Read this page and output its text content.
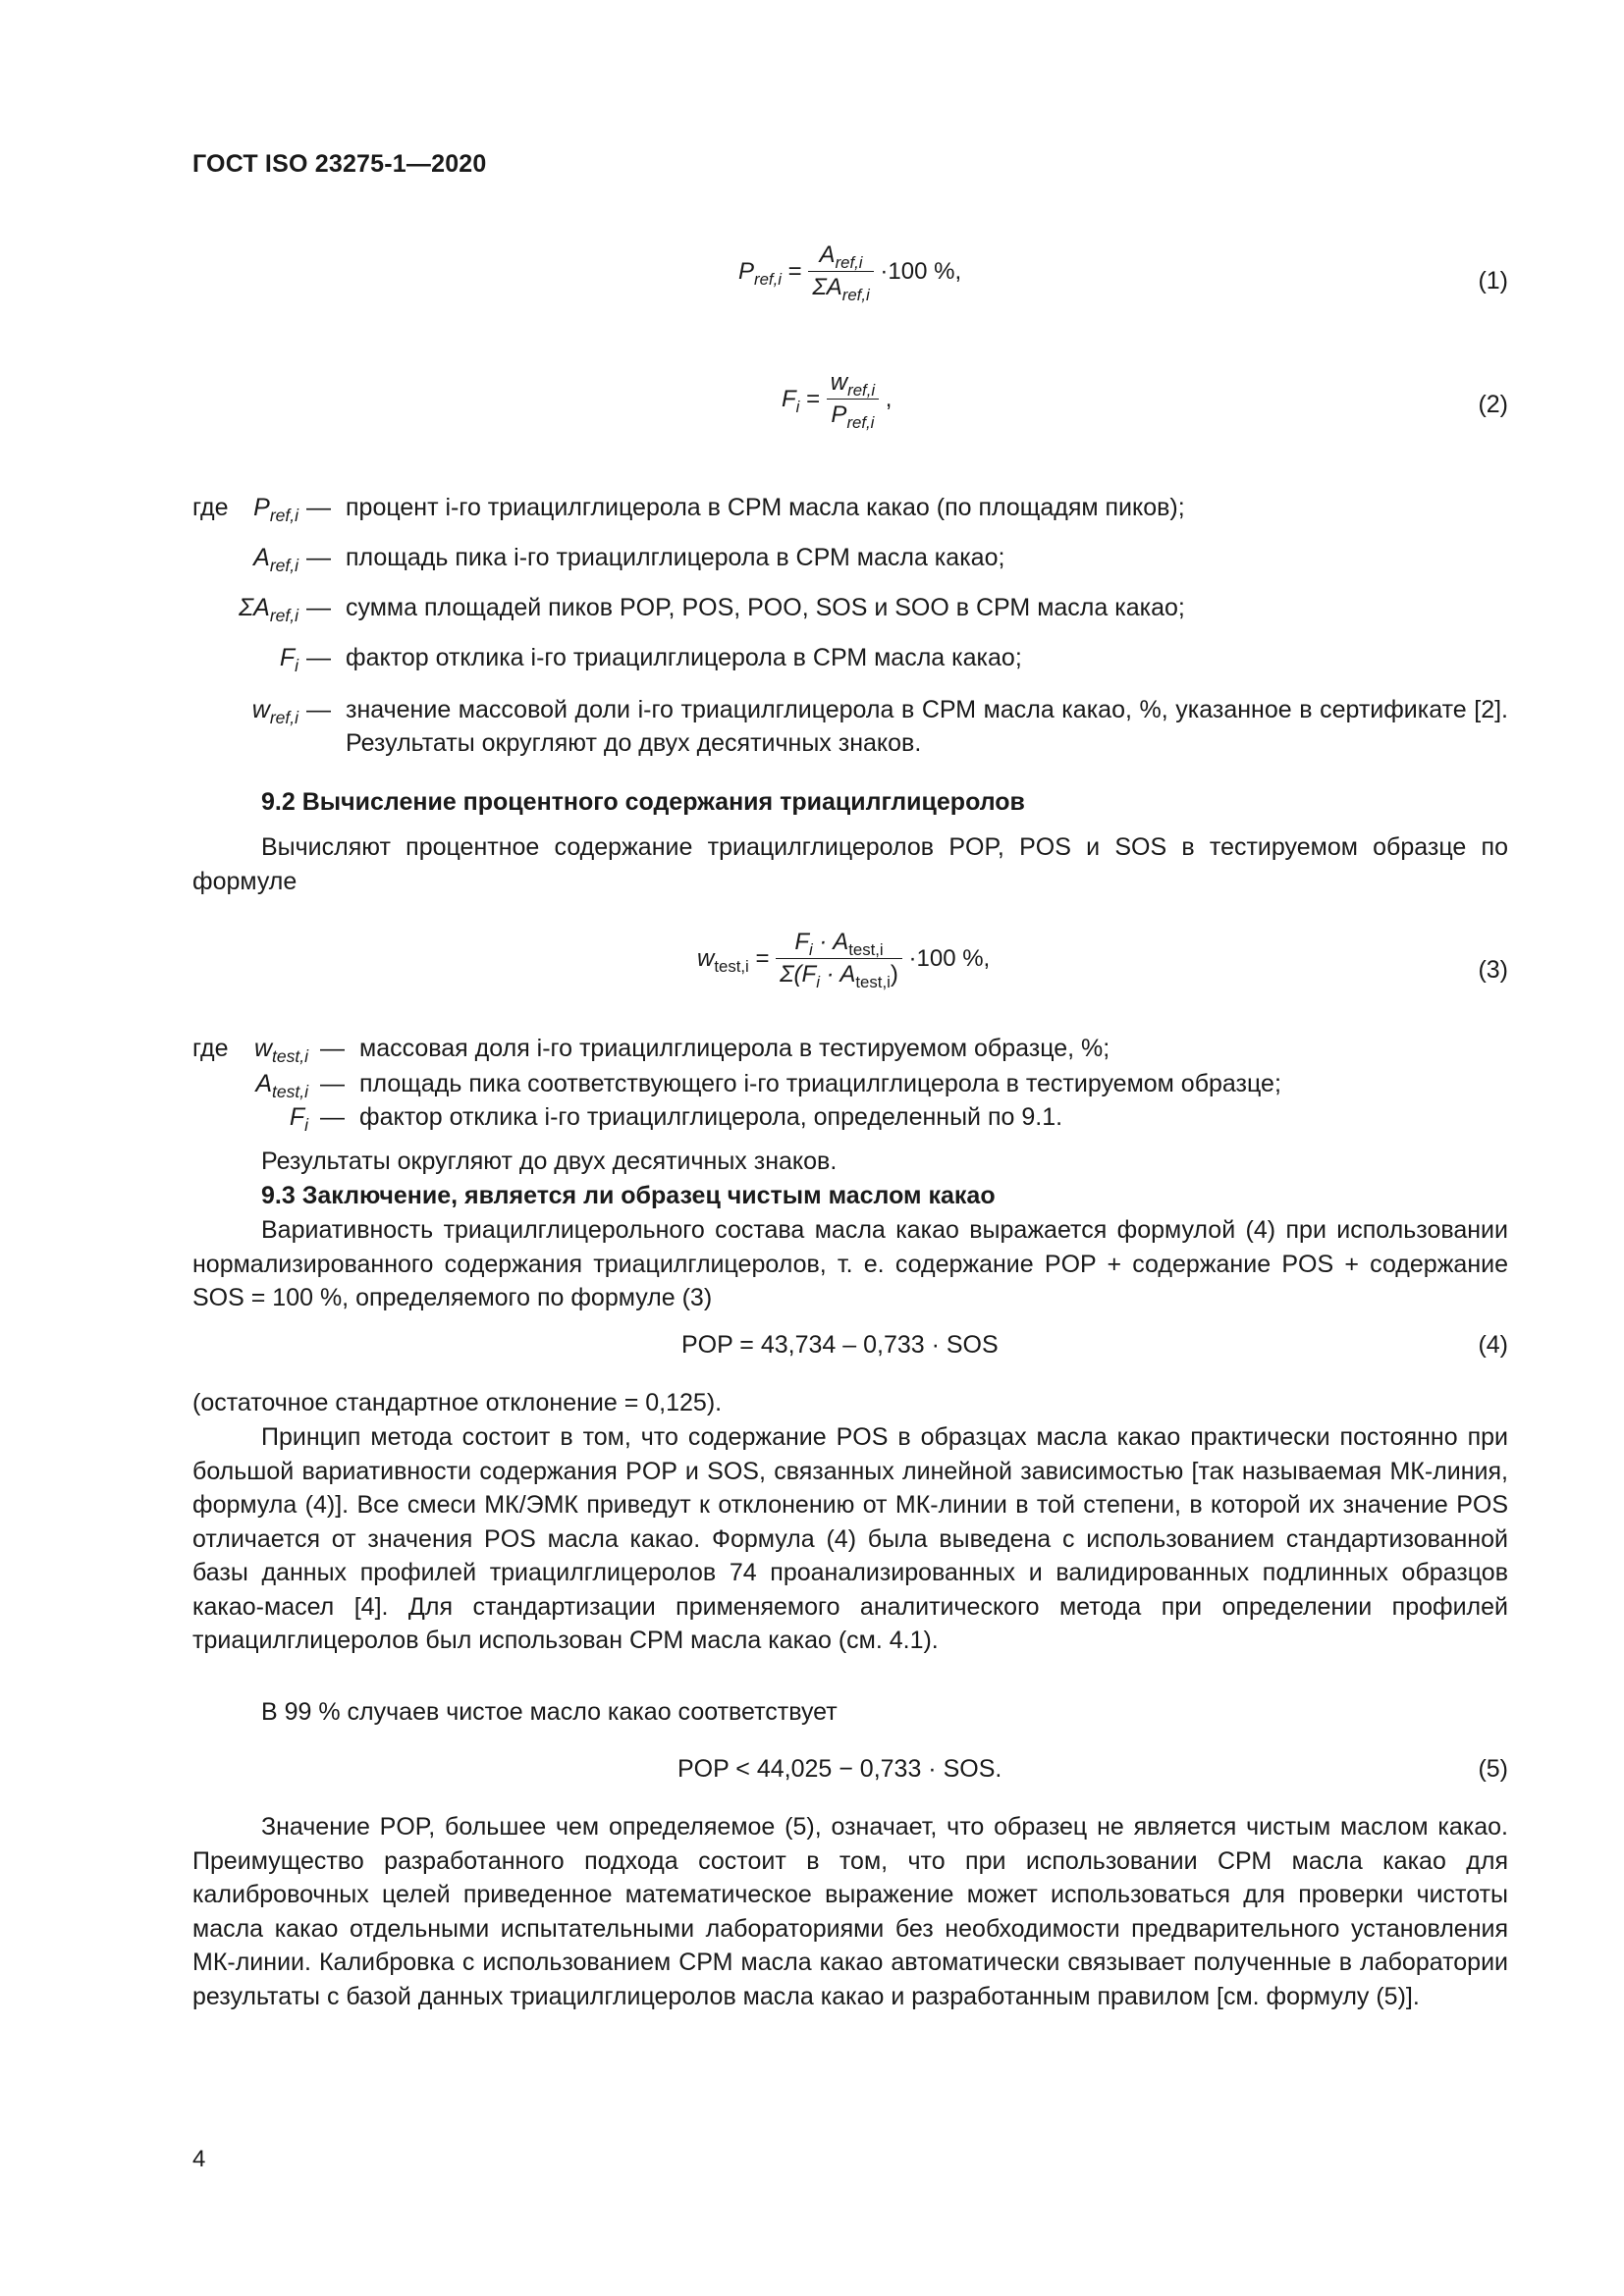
ГОСТ ISO 23275-1—2020
$P_{ref,i} = \frac{A_{ref,i}}{\Sigma A_{ref,i}} \cdot 100$ %,	(1)
$F_i = \frac{w_{ref,i}}{P_{ref,i}}$ ,	(2)
где	$P_{ref,i}$ — процент i-го триацилглицерола в СРМ масла какао (по площадям пиков);
$A_{ref,i}$ — площадь пика i-го триацилглицерола в СРМ масла какао;
$\Sigma A_{ref,i}$ — сумма площадей пиков POP, POS, POO, SOS и SOO в СРМ масла какао;
$F_i$ — фактор отклика i-го триацилглицерола в СРМ масла какао;
$w_{ref,i}$ — значение массовой доли i-го триацилглицерола в СРМ масла какао, %, указанное в сертификате [2]. Результаты округляют до двух десятичных знаков.
9.2 Вычисление процентного содержания триацилглицеролов
Вычисляют процентное содержание триацилглицеролов POP, POS и SOS в тестируемом образце по формуле
$w_{test,i} = \frac{F_i \cdot A_{test,i}}{\Sigma(F_i \cdot A_{test,i})} \cdot 100$ %,	(3)
где	$w_{test,i}$ — массовая доля i-го триацилглицерола в тестируемом образце, %;
$A_{test,i}$ — площадь пика соответствующего i-го триацилглицерола в тестируемом образце;
$F_i$ — фактор отклика i-го триацилглицерола, определенный по 9.1.
Результаты округляют до двух десятичных знаков.
9.3 Заключение, является ли образец чистым маслом какао
Вариативность триацилглицерольного состава масла какао выражается формулой (4) при использовании нормализированного содержания триацилглицеролов, т. е. содержание POP + содержание POS + содержание SOS = 100 %, определяемого по формуле (3)
POP = 43,734 – 0,733 · SOS	(4)
(остаточное стандартное отклонение = 0,125).
Принцип метода состоит в том, что содержание POS в образцах масла какао практически постоянно при большой вариативности содержания POP и SOS, связанных линейной зависимостью [так называемая МК-линия, формула (4)]. Все смеси МК/ЭМК приведут к отклонению от МК-линии в той степени, в которой их значение POS отличается от значения POS масла какао. Формула (4) была выведена с использованием стандартизованной базы данных профилей триацилглицеролов 74 проанализированных и валидированных подлинных образцов какао-масел [4]. Для стандартизации применяемого аналитического метода при определении профилей триацилглицеролов был использован СРМ масла какао (см. 4.1).
В 99 % случаев чистое масло какао соответствует
POP < 44,025 − 0,733 · SOS.	(5)
Значение POP, большее чем определяемое (5), означает, что образец не является чистым маслом какао. Преимущество разработанного подхода состоит в том, что при использовании СРМ масла какао для калибровочных целей приведенное математическое выражение может использоваться для проверки чистоты масла какао отдельными испытательными лабораториями без необходимости предварительного установления МК-линии. Калибровка с использованием СРМ масла какао автоматически связывает полученные в лаборатории результаты с базой данных триацилглицеролов масла какао и разработанным правилом [см. формулу (5)].
4
